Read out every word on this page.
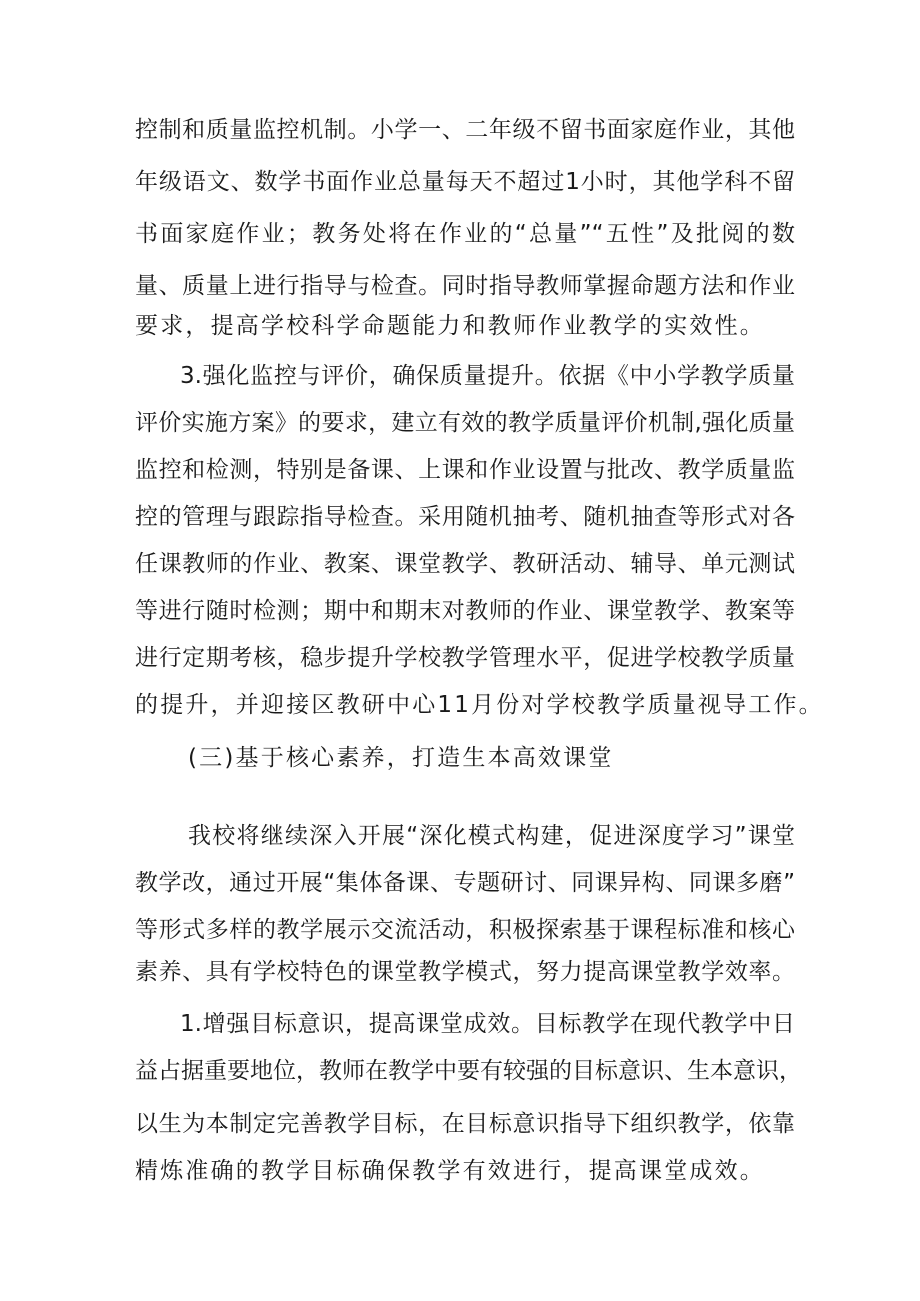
控制和质量监控机制。小学一、二年级不留书面家庭作业，其他
年级语文、数学书面作业总量每天不超过1小时，其他学科不留
书面家庭作业；教务处将在作业的“总量”“五性”及批阅的数
量、质量上进行指导与检查。同时指导教师掌握命题方法和作业
要求，提高学校科学命题能力和教师作业教学的实效性。
3.强化监控与评价，确保质量提升。依据《中小学教学质量
评价实施方案》的要求，建立有效的教学质量评价机制,强化质量
监控和检测，特别是备课、上课和作业设置与批改、教学质量监
控的管理与跟踪指导检查。采用随机抽考、随机抽查等形式对各
任课教师的作业、教案、课堂教学、教研活动、辅导、单元测试
等进行随时检测；期中和期末对教师的作业、课堂教学、教案等
进行定期考核，稳步提升学校教学管理水平，促进学校教学质量
的提升，并迎接区教研中心11月份对学校教学质量视导工作。
(三)基于核心素养，打造生本高效课堂
我校将继续深入开展“深化模式构建，促进深度学习”课堂
教学改，通过开展“集体备课、专题研讨、同课异构、同课多磨”
等形式多样的教学展示交流活动，积极探索基于课程标准和核心
素养、具有学校特色的课堂教学模式，努力提高课堂教学效率。
1.增强目标意识，提高课堂成效。目标教学在现代教学中日
益占据重要地位，教师在教学中要有较强的目标意识、生本意识，
以生为本制定完善教学目标，在目标意识指导下组织教学，依靠
精炼准确的教学目标确保教学有效进行，提高课堂成效。
